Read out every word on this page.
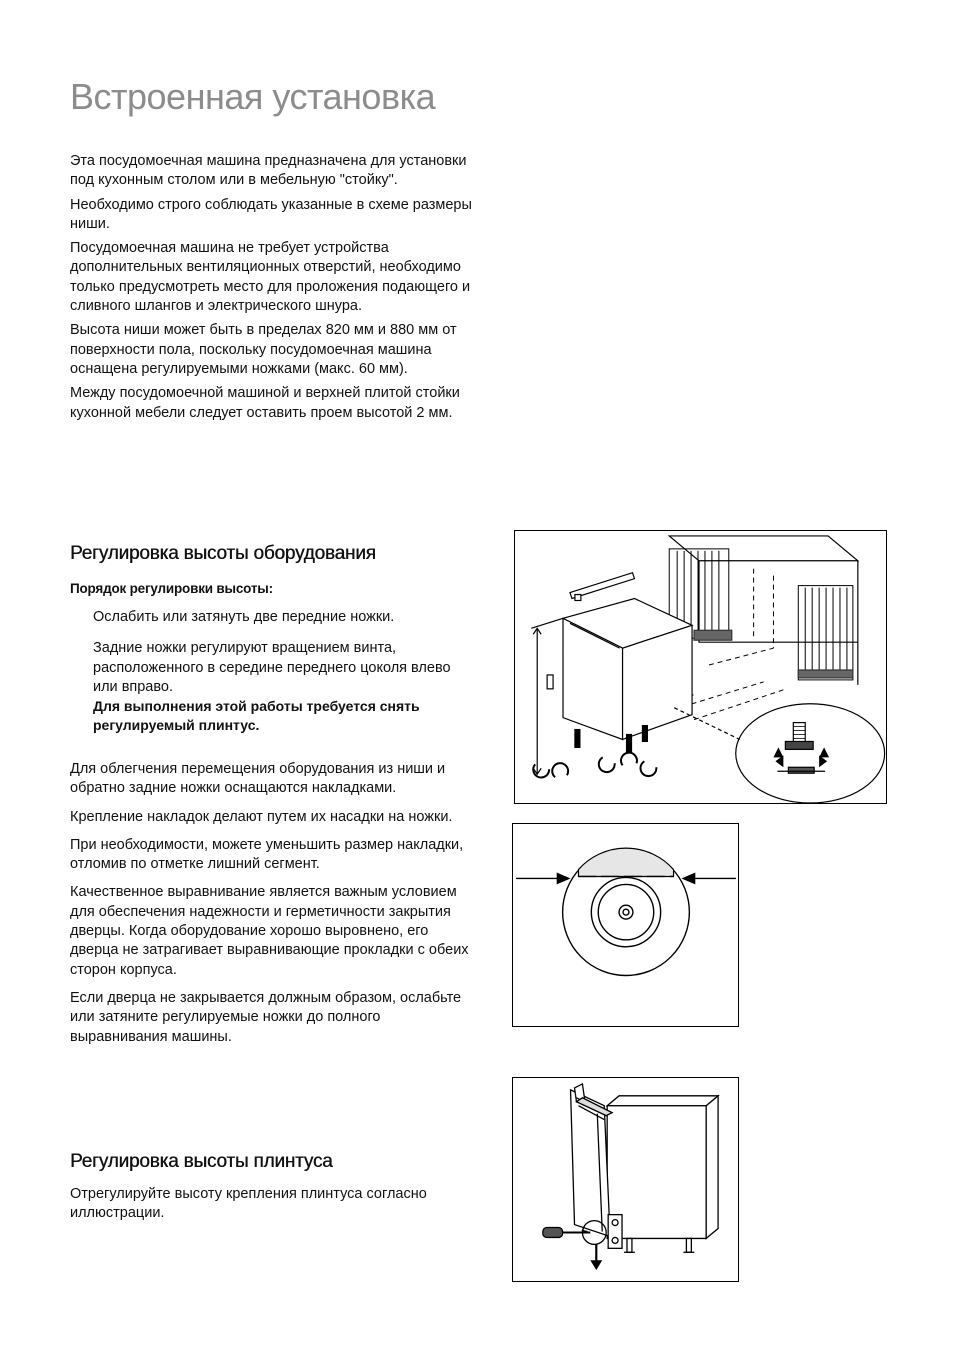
Встроенная установка

Эта посудомоечная машина предназначена для установки под кухонным столом или в мебельную "стойку".

Необходимо строго соблюдать указанные в схеме размеры ниши.

Посудомоечная машина не требует устройства дополнительных вентиляционных отверстий, необходимо только предусмотреть место для проложения подающего и сливного шлангов и электрического шнура.

Высота ниши может быть в пределах 820 мм и 880 мм от поверхности пола, поскольку посудомоечная машина оснащена регулируемыми ножками (макс. 60 мм).

Между посудомоечной машиной и верхней плитой стойки кухонной мебели следует оставить проем высотой 2 мм.

Регулировка высоты оборудования
Порядок регулировки высоты:

Ослабить или затянуть две передние ножки.

Задние ножки регулируют вращением винта, расположенного в середине переднего цоколя влево или вправо.

Для выполнения этой работы требуется снять регулируемый плинтус.

Для облегчения перемещения оборудования из ниши и обратно задние ножки оснащаются накладками.

Крепление накладок делают путем их насадки на ножки.

При необходимости, можете уменьшить размер накладки, отломив по отметке лишний сегмент.

Качественное выравнивание является важным условием для обеспечения надежности и герметичности закрытия дверцы. Когда оборудование хорошо выровнено, его дверца не затрагивает выравнивающие прокладки с обеих сторон корпуса.

Если дверца не закрывается должным образом, ослабьте или затяните регулируемые ножки до полного выравнивания машины.

Регулировка высоты плинтуса

Отрегулируйте высоту крепления плинтуса согласно иллюстрации.
